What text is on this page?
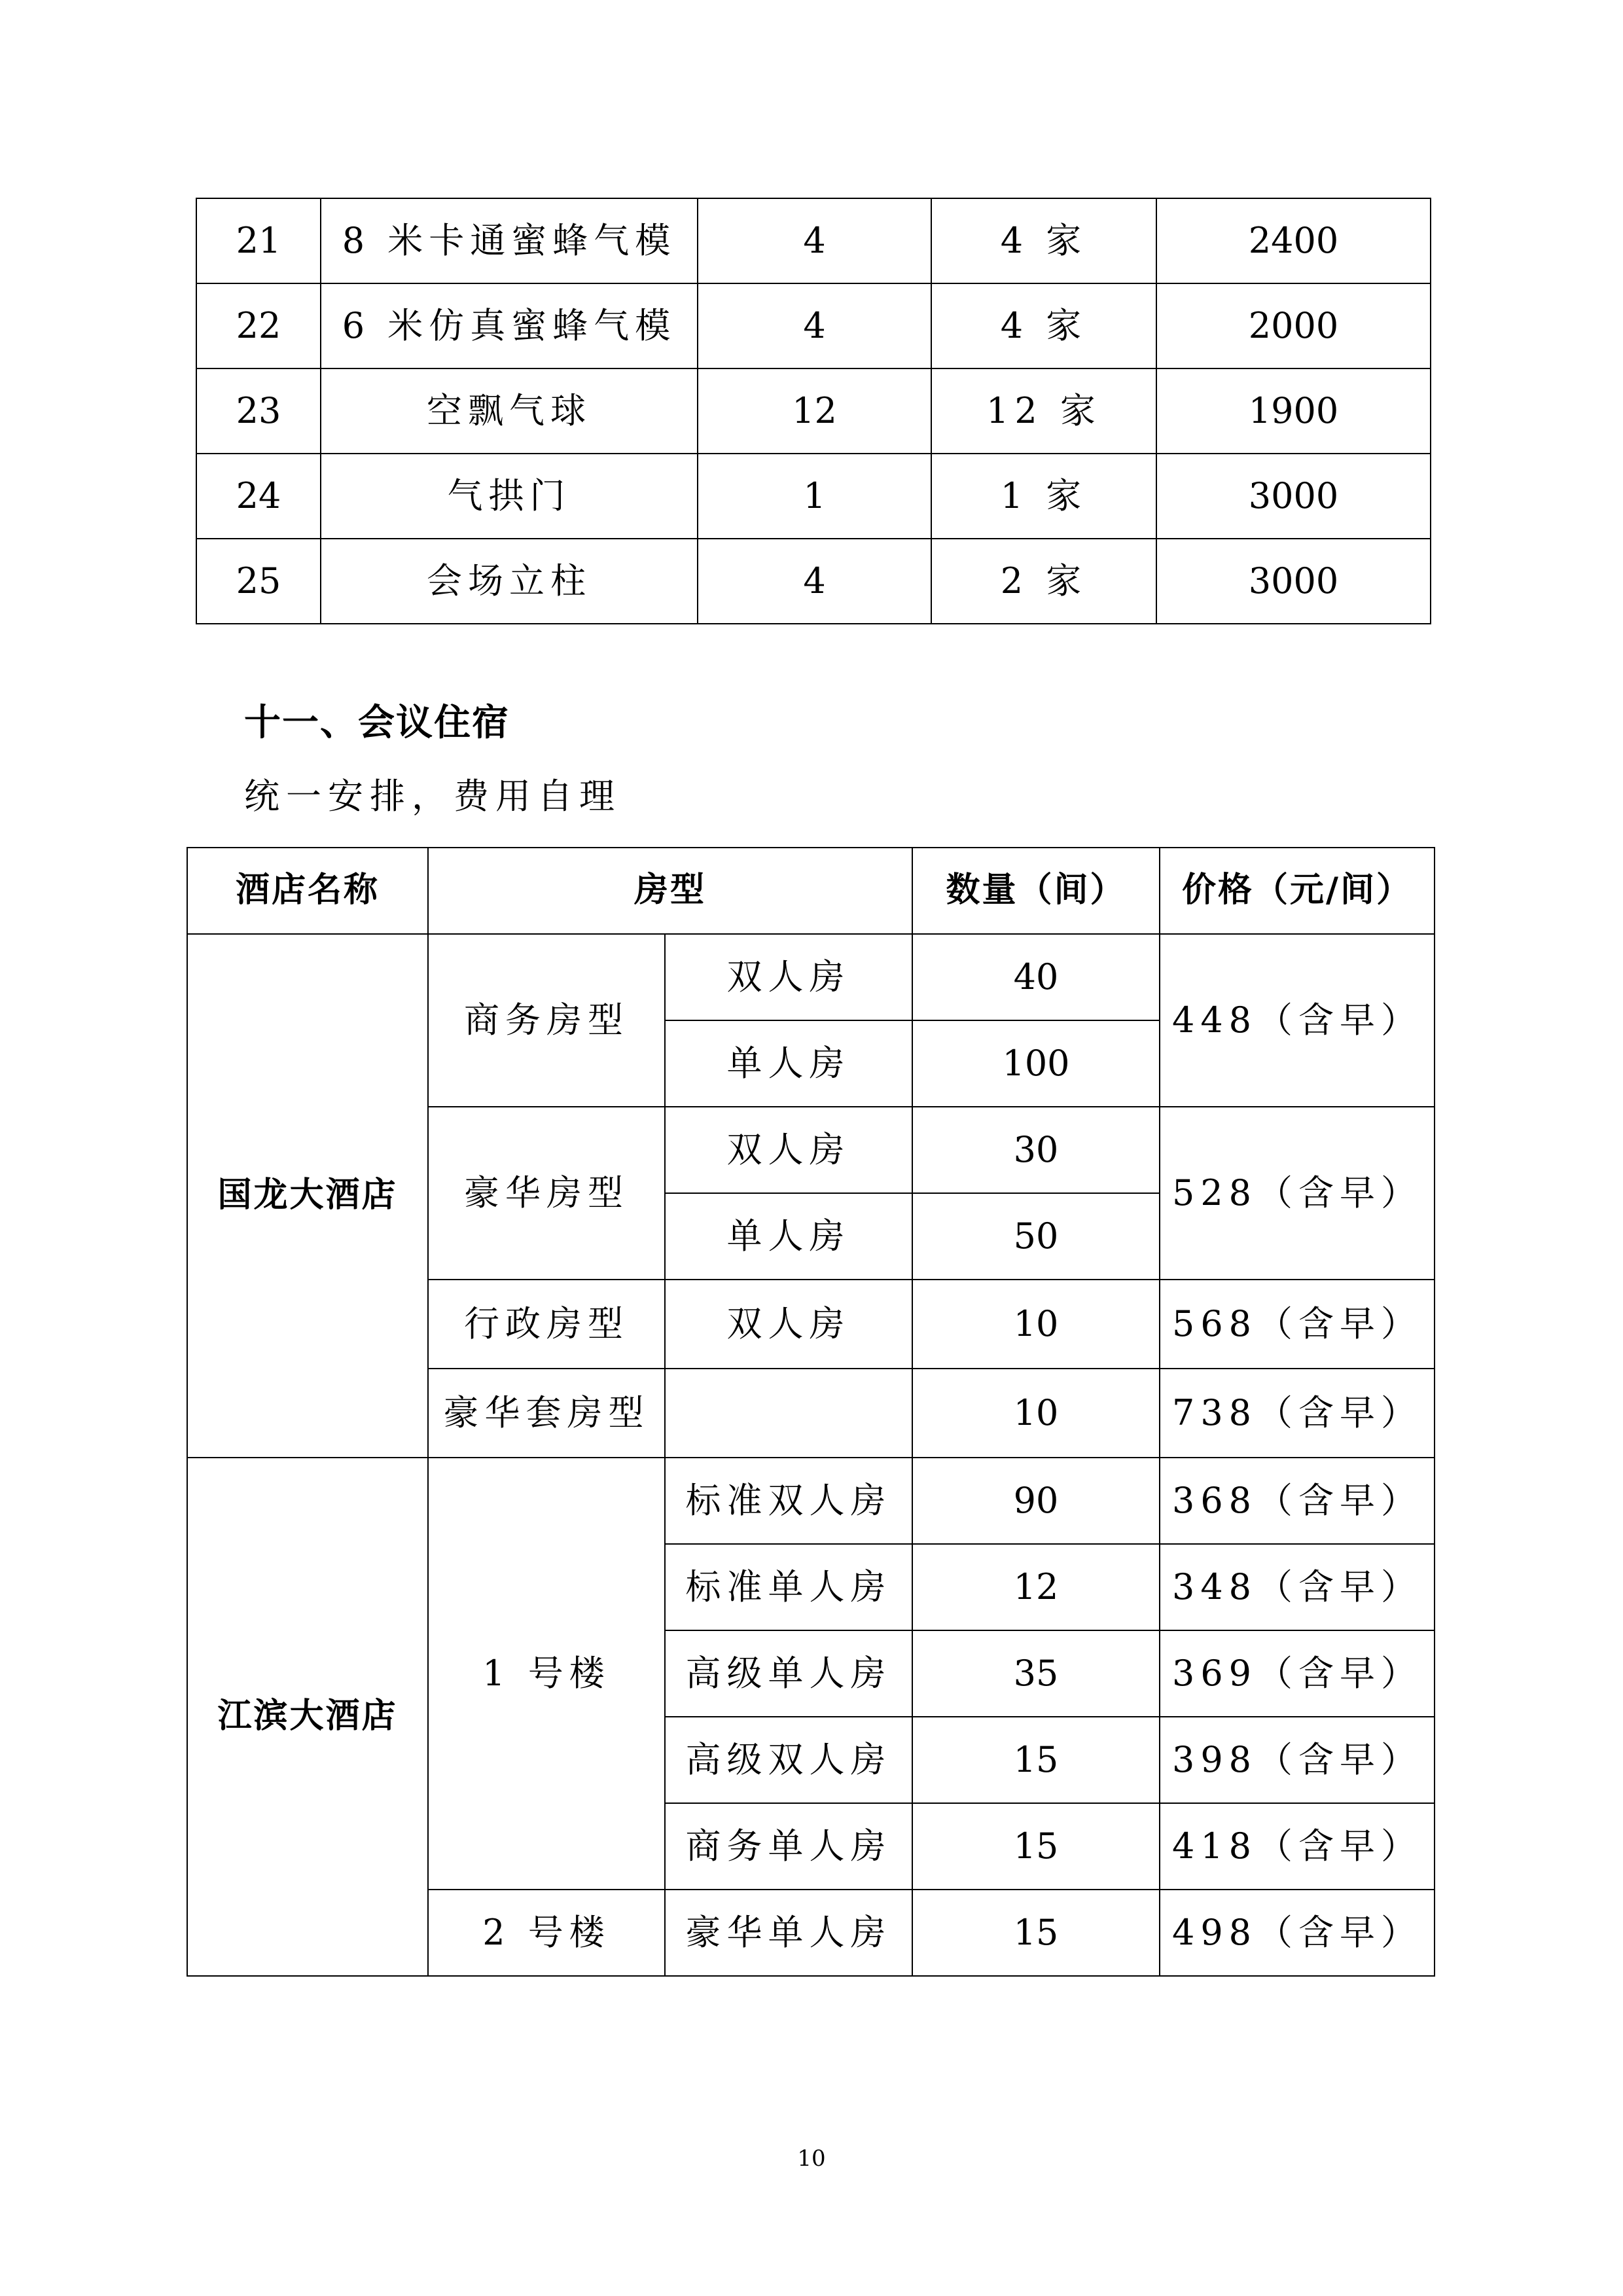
21	8 米卡通蜜蜂气模	4	4 家	2400
22	6 米仿真蜜蜂气模	4	4 家	2000
23	空飘气球	12	12 家	1900
24	气拱门	1	1 家	3000
25	会场立柱	4	2 家	3000
十一、会议住宿

统一安排，费用自理

酒店名称	房型		数量（间）	价格（元/间）
国龙大酒店	商务房型	双人房	40	448（含早）
		单人房	100	
	豪华房型	双人房	30	528（含早）
		单人房	50	
	行政房型	双人房	10	568（含早）
	豪华套房型		10	738（含早）
江滨大酒店	1 号楼	标准双人房	90	368（含早）
		标准单人房	12	348（含早）
		高级单人房	35	369（含早）
		高级双人房	15	398（含早）
		商务单人房	15	418（含早）
	2 号楼	豪华单人房	15	498（含早）

10
